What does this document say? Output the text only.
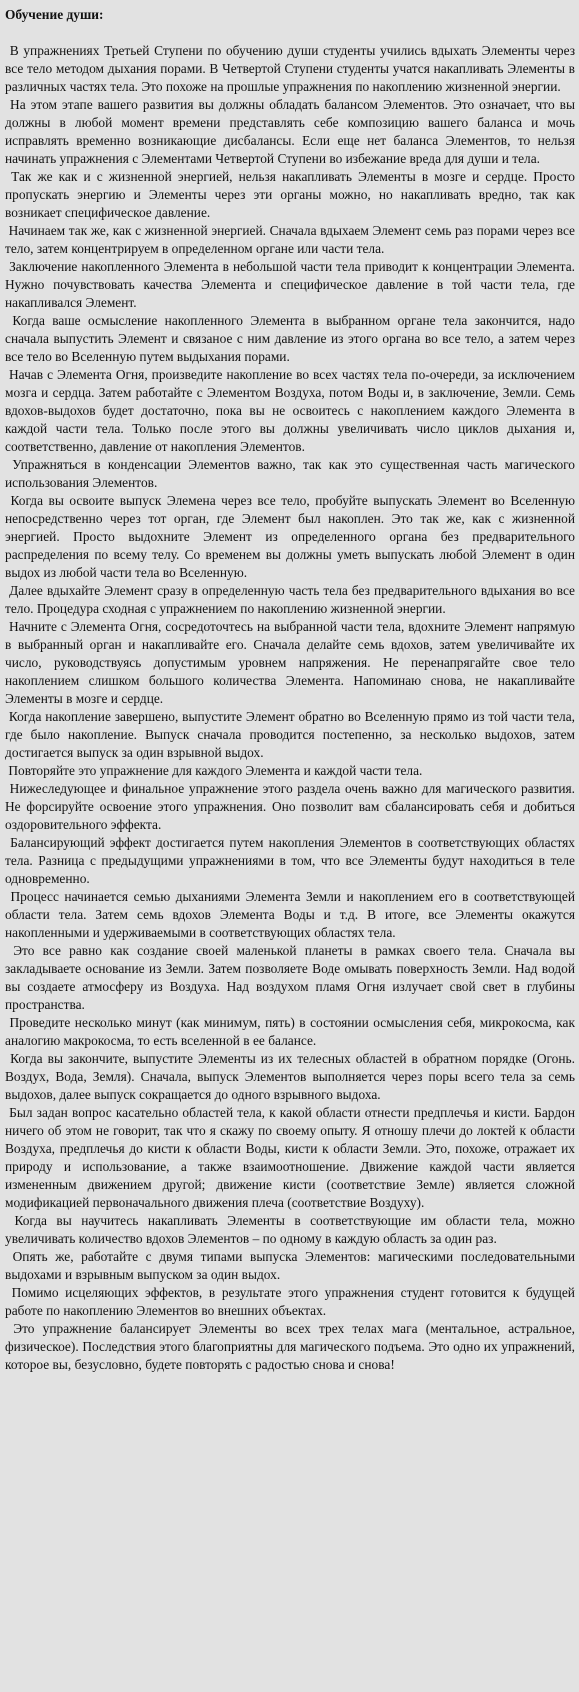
Обучение души:

В упражнениях Третьей Ступени по обучению души студенты учились вдыхать Элементы через все тело методом дыхания порами. В Четвертой Ступени студенты учатся накапливать Элементы в различных частях тела. Это похоже на прошлые упражнения по накоплению жизненной энергии.

На этом этапе вашего развития вы должны обладать балансом Элементов. Это означает, что вы должны в любой момент времени представлять себе композицию вашего баланса и мочь исправлять временно возникающие дисбалансы. Если еще нет баланса Элементов, то нельзя начинать упражнения с Элементами Четвертой Ступени во избежание вреда для души и тела.

Так же как и с жизненной энергией, нельзя накапливать Элементы в мозге и сердце. Просто пропускать энергию и Элементы через эти органы можно, но накапливать вредно, так как возникает специфическое давление.

Начинаем так же, как с жизненной энергией. Сначала вдыхаем Элемент семь раз порами через все тело, затем концентрируем в определенном органе или части тела.

Заключение накопленного Элемента в небольшой части тела приводит к концентрации Элемента. Нужно почувствовать качества Элемента и специфическое давление в той части тела, где накапливался Элемент.

Когда ваше осмысление накопленного Элемента в выбранном органе тела закончится, надо сначала выпустить Элемент и связаное с ним давление из этого органа во все тело, а затем через все тело во Вселенную путем выдыхания порами.

Начав с Элемента Огня, произведите накопление во всех частях тела по-очереди, за исключением мозга и сердца. Затем работайте с Элементом Воздуха, потом Воды и, в заключение, Земли. Семь вдохов-выдохов будет достаточно, пока вы не освоитесь с накоплением каждого Элемента в каждой части тела. Только после этого вы должны увеличивать число циклов дыхания и, соответственно, давление от накопления Элементов.

Упражняться в конденсации Элементов важно, так как это существенная часть магического использования Элементов.

Когда вы освоите выпуск Элемена через все тело, пробуйте выпускать Элемент во Вселенную непосредственно через тот орган, где Элемент был накоплен. Это так же, как с жизненной энергией. Просто выдохните Элемент из определенного органа без предварительного распределения по всему телу. Со временем вы должны уметь выпускать любой Элемент в один выдох из любой части тела во Вселенную.

Далее вдыхайте Элемент сразу в определенную часть тела без предварительного вдыхания во все тело. Процедура сходная с упражнением по накоплению жизненной энергии.

Начните с Элемента Огня, сосредоточтесь на выбранной части тела, вдохните Элемент напрямую в выбранный орган и накапливайте его. Сначала делайте семь вдохов, затем увеличивайте их число, руководствуясь допустимым уровнем напряжения. Не перенапрягайте свое тело накоплением слишком большого количества Элемента. Напоминаю снова, не накапливайте Элементы в мозге и сердце.

Когда накопление завершено, выпустите Элемент обратно во Вселенную прямо из той части тела, где было накопление. Выпуск сначала проводится постепенно, за несколько выдохов, затем достигается выпуск за один взрывной выдох.

Повторяйте это упражнение для каждого Элемента и каждой части тела.

Нижеследующее и финальное упражнение этого раздела очень важно для магического развития. Не форсируйте освоение этого упражнения. Оно позволит вам сбалансировать себя и добиться оздоровительного эффекта.

Балансирующий эффект достигается путем накопления Элементов в соответствующих областях тела. Разница с предыдущими упражнениями в том, что все Элементы будут находиться в теле одновременно.

Процесс начинается семью дыханиями Элемента Земли и накоплением его в соответствующей области тела. Затем семь вдохов Элемента Воды и т.д. В итоге, все Элементы окажутся накопленными и удерживаемыми в соответствующих областях тела.

Это все равно как создание своей маленькой планеты в рамках своего тела. Сначала вы закладываете основание из Земли. Затем позволяете Воде омывать поверхность Земли. Над водой вы создаете атмосферу из Воздуха. Над воздухом пламя Огня излучает свой свет в глубины пространства.

Проведите несколько минут (как минимум, пять) в состоянии осмысления себя, микрокосма, как аналогию макрокосма, то есть вселенной в ее балансе.

Когда вы закончите, выпустите Элементы из их телесных областей в обратном порядке (Огонь. Воздух, Вода, Земля). Сначала, выпуск Элементов выполняется через поры всего тела за семь выдохов, далее выпуск сокращается до одного взрывного выдоха.

Был задан вопрос касательно областей тела, к какой области отнести предплечья и кисти. Бардон ничего об этом не говорит, так что я скажу по своему опыту. Я отношу плечи до локтей к области Воздуха, предплечья до кисти к области Воды, кисти к области Земли. Это, похоже, отражает их природу и использование, а также взаимоотношение. Движение каждой части является измененным движением другой; движение кисти (соответствие Земле) является сложной модификацией первоначального движения плеча (соответствие Воздуху).

Когда вы научитесь накапливать Элементы в соответствующие им области тела, можно увеличивать количество вдохов Элементов – по одному в каждую область за один раз.

Опять же, работайте с двумя типами выпуска Элементов: магическими последовательными выдохами и взрывным выпуском за один выдох.

Помимо исцеляющих эффектов, в результате этого упражнения студент готовится к будущей работе по накоплению Элементов во внешних объектах.

Это упражнение балансирует Элементы во всех трех телах мага (ментальное, астральное, физическое). Последствия этого благоприятны для магического подъема. Это одно их упражнений, которое вы, безусловно, будете повторять с радостью снова и снова!
